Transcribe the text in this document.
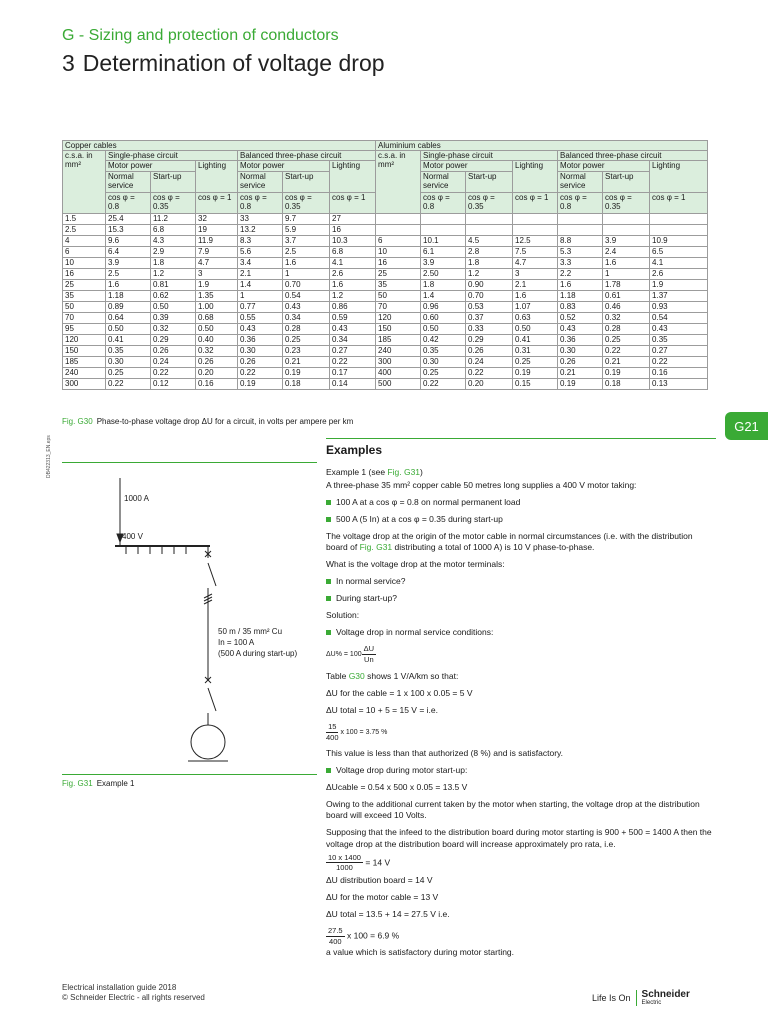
G - Sizing and protection of conductors
3 Determination of voltage drop
Copper cables							Aluminium cables						
c.s.a. in mm²	Single-phase circuit			Balanced three-phase circuit			c.s.a. in mm²	Single-phase circuit			Balanced three-phase circuit		
	Motor power		Lighting	Motor power		Lighting		Motor power		Lighting	Motor power		Lighting
	Normal service	Start-up		Normal service	Start-up			Normal service	Start-up		Normal service	Start-up	
	cos φ = 0.8	cos φ = 0.35	cos φ = 1	cos φ = 0.8	cos φ = 0.35	cos φ = 1		cos φ = 0.8	cos φ = 0.35	cos φ = 1	cos φ = 0.8	cos φ = 0.35	cos φ = 1
1.5	25.4	11.2	32	33	9.7	27							
2.5	15.3	6.8	19	13.2	5.9	16							
4	9.6	4.3	11.9	8.3	3.7	10.3	6	10.1	4.5	12.5	8.8	3.9	10.9
6	6.4	2.9	7.9	5.6	2.5	6.8	10	6.1	2.8	7.5	5.3	2.4	6.5
10	3.9	1.8	4.7	3.4	1.6	4.1	16	3.9	1.8	4.7	3.3	1.6	4.1
16	2.5	1.2	3	2.1	1	2.6	25	2.50	1.2	3	2.2	1	2.6
25	1.6	0.81	1.9	1.4	0.70	1.6	35	1.8	0.90	2.1	1.6	1.78	1.9
35	1.18	0.62	1.35	1	0.54	1.2	50	1.4	0.70	1.6	1.18	0.61	1.37
50	0.89	0.50	1.00	0.77	0.43	0.86	70	0.96	0.53	1.07	0.83	0.46	0.93
70	0.64	0.39	0.68	0.55	0.34	0.59	120	0.60	0.37	0.63	0.52	0.32	0.54
95	0.50	0.32	0.50	0.43	0.28	0.43	150	0.50	0.33	0.50	0.43	0.28	0.43
120	0.41	0.29	0.40	0.36	0.25	0.34	185	0.42	0.29	0.41	0.36	0.25	0.35
150	0.35	0.26	0.32	0.30	0.23	0.27	240	0.35	0.26	0.31	0.30	0.22	0.27
185	0.30	0.24	0.26	0.26	0.21	0.22	300	0.30	0.24	0.25	0.26	0.21	0.22
240	0.25	0.22	0.20	0.22	0.19	0.17	400	0.25	0.22	0.19	0.21	0.19	0.16
300	0.22	0.12	0.16	0.19	0.18	0.14	500	0.22	0.20	0.15	0.19	0.18	0.13
Fig. G30 Phase-to-phase voltage drop ΔU for a circuit, in volts per ampere per km	G21
DB422313_EN.eps
1000 A
400 V
50 m / 35 mm² Cu
In = 100 A
(500 A during start-up)
Fig. G31 Example 1

Examples

Example 1 (see Fig. G31)

A three-phase 35 mm² copper cable 50 metres long supplies a 400 V motor taking:

100 A at a cos φ = 0.8 on normal permanent load

500 A (5 In) at a cos φ = 0.35 during start-up

The voltage drop at the origin of the motor cable in normal circumstances (i.e. with the distribution board of Fig. G31 distributing a total of 1000 A) is 10 V phase-to-phase.

What is the voltage drop at the motor terminals:

In normal service?

During start-up?

Solution:

Voltage drop in normal service conditions:

$\Delta U\% = 100 \frac{\Delta U}{Un}$

Table G30 shows 1 V/A/km so that:

ΔU for the cable = 1 x 100 x 0.05 = 5 V

ΔU total = 10 + 5 = 15 V = i.e.

$\frac{15}{400}$ x 100 = 3.75 %

This value is less than that authorized (8 %) and is satisfactory.

Voltage drop during motor start-up:

ΔUcable = 0.54 x 500 x 0.05 = 13.5 V

Owing to the additional current taken by the motor when starting, the voltage drop at the distribution board will exceed 10 Volts.

Supposing that the infeed to the distribution board during motor starting is 900 + 500 = 1400 A then the voltage drop at the distribution board will increase approximately pro rata, i.e.

$\frac{10 x 1400}{1000} = 14$ V

ΔU distribution board = 14 V

ΔU for the motor cable = 13 V

ΔU total = 13.5 + 14 = 27.5 V i.e.

$\frac{27.5}{400}$ x 100 = 6.9 %

a value which is satisfactory during motor starting.

Electrical installation guide 2018
© Schneider Electric - all rights reserved	Life Is On Schneider
Electric
